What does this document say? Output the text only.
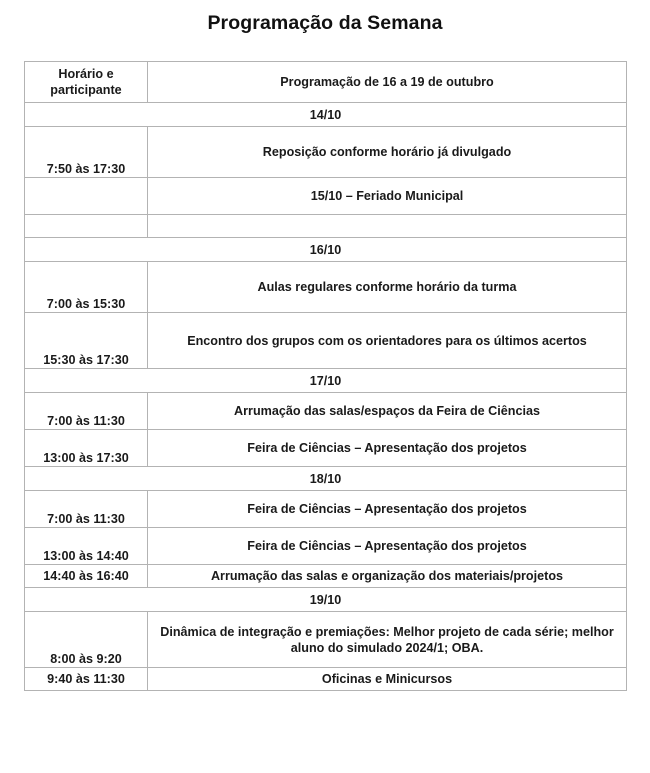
Programação da Semana
Horário e participante	Programação de 16 a 19 de outubro
14/10	
7:50 às 17:30	Reposição conforme horário já divulgado
	15/10 – Feriado Municipal

16/10	
7:00 às 15:30	Aulas regulares conforme horário da turma
15:30 às 17:30	Encontro dos grupos com os orientadores para os últimos acertos
17/10	
7:00 às 11:30	Arrumação das salas/espaços da Feira de Ciências
13:00 às 17:30	Feira de Ciências – Apresentação dos projetos
18/10	
7:00 às 11:30	Feira de Ciências – Apresentação dos projetos
13:00 às 14:40	Feira de Ciências – Apresentação dos projetos
14:40 às 16:40	Arrumação das salas e organização dos materiais/projetos
19/10	
8:00 às 9:20	Dinâmica de integração e premiações: Melhor projeto de cada série; melhor aluno do simulado 2024/1; OBA.
9:40 às 11:30	Oficinas e Minicursos
